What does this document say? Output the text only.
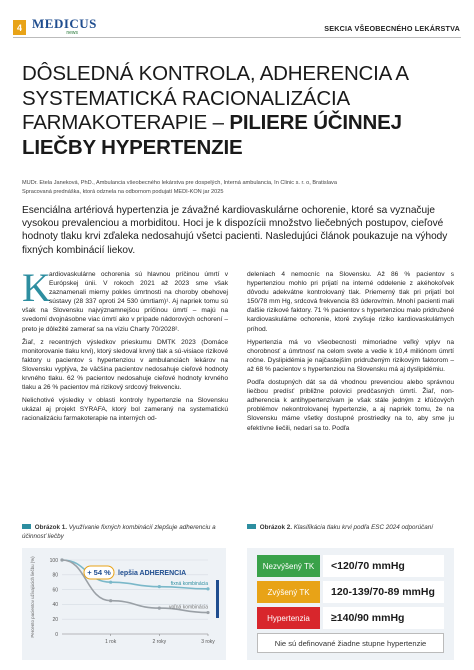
4 MEDICUS
news	SEKCIA VŠEOBECNÉHO LEKÁRSTVA
DÔSLEDNÁ KONTROLA, ADHERENCIA A SYSTEMATICKÁ RACIONALIZÁCIA FARMAKOTERAPIE – PILIERE ÚČINNEJ LIEČBY HYPERTENZIE
MUDr. Etela Janeková, PhD., Ambulancia všeobecného lekárstva pre dospelých, Interná ambulancia, In Clinic s. r. o, Bratislava
Spracovaná prednáška, ktorá odznela na odbornom podujatí MEDI-KON jar 2025
Esenciálna artériová hypertenzia je závažné kardiovaskulárne ochorenie, ktoré sa vyznačuje vysokou prevalenciou a morbiditou. Hoci je k dispozícii množstvo liečebných postupov, cieľové hodnoty tlaku krvi zďaleka nedosahujú všetci pacienti. Nasledujúci článok poukazuje na výhody fixných kombinácií liekov.

K
ardiovaskulárne ochorenia sú hlavnou príčinou úmrtí v Európskej únii. V rokoch 2021 až 2023 sme však zaznamenali mierny pokles úmrtnosti na choroby obehovej sústavy (28 337 oproti 24 530 úmrtiam)¹. Aj napriek tomu sú však na Slovensku najvýznamnejšou príčinou úmrtí – majú na svedomí dvojnásobne viac úmrtí ako v prípade nádorových ochorení – preto je dôležité zamerať sa na víziu Charty 70/2028².

Žiaľ, z recentných výsledkov prieskumu DMTK 2023 (Domáce monitorovanie tlaku krvi), ktorý sledoval krvný tlak a sú-visiace rizikové faktory u pacientov s hypertenziou v ambulanciách lekárov na Slovensku vyplýva, že väčšina pacientov nedosahuje cieľové hodnoty krvného tlaku. 62 % pacientov nedosahuje cieľové hodnoty krvného tlaku a 26 % pacientov má rizikový srdcový frekvenciu.

Nelichotivé výsledky v oblasti kontroly hypertenzie na Slovensku ukázal aj projekt SYRAFA, ktorý bol zameraný na systematickú racionalizáciu farmakoterapie na interných od-

deleniach 4 nemocníc na Slovensku. Až 86 % pacientov s hypertenziou mohlo pri prijatí na interné oddelenie z akéhokoľvek dôvodu adekvátne kontrolovaný tlak. Priemerný tlak pri prijatí bol 150/78 mm Hg, srdcová frekvencia 83 úderov/min. Mnohí pacienti mali ďalšie rizikové faktory. 71 % pacientov s hypertenziou malo pridružené kardiovaskulárne ochorenie, ktoré zvyšuje riziko kardiovaskulárnych príhod.

Hypertenzia má vo všeobecnosti mimoriadne veľký vplyv na chorobnosť a úmrtnosť na celom svete a vedie k 10,4 miliónom úmrtí ročne. Dyslipidémia je najčastejším pridruženým rizikovým faktorom – až 68 % pacientov s hypertenziou na Slovensku má aj dyslipidémiu.

Podľa dostupných dát sa dá vhodnou prevenciou alebo správnou liečbou predísť približne polovici predčasných úmrtí. Žiaľ, non-adherencia k antihypertenzívam je však stále jedným z kľúčových problémov nekontrolovanej hypertenzie, a aj napriek tomu, že na Slovensku máme všetky dostupné prostriedky na to, aby sme ju efektívne liečili, nedarí sa to. Podľa

Obrázok 1. Využívanie fixných kombinácií zlepšuje adherenciu a účinnosť liečby
0
20
40
60
80
100
1 rok	2 roky	3 roky
Percento pacientov užívajúcich liečbu (%)	fixná kombinácia
voľná kombinácia
+ 54 % lepšia ADHERENCIA
Obrázok 2. Klasifikácia tlaku krvi podľa ESC 2024 odporúčaní
Nezvýšený TK	<120/70 mmHg
Zvýšený TK	120-139/70-89 mmHg
Hypertenzia	≥140/90 mmHg
Nie sú definované žiadne stupne hypertenzie
